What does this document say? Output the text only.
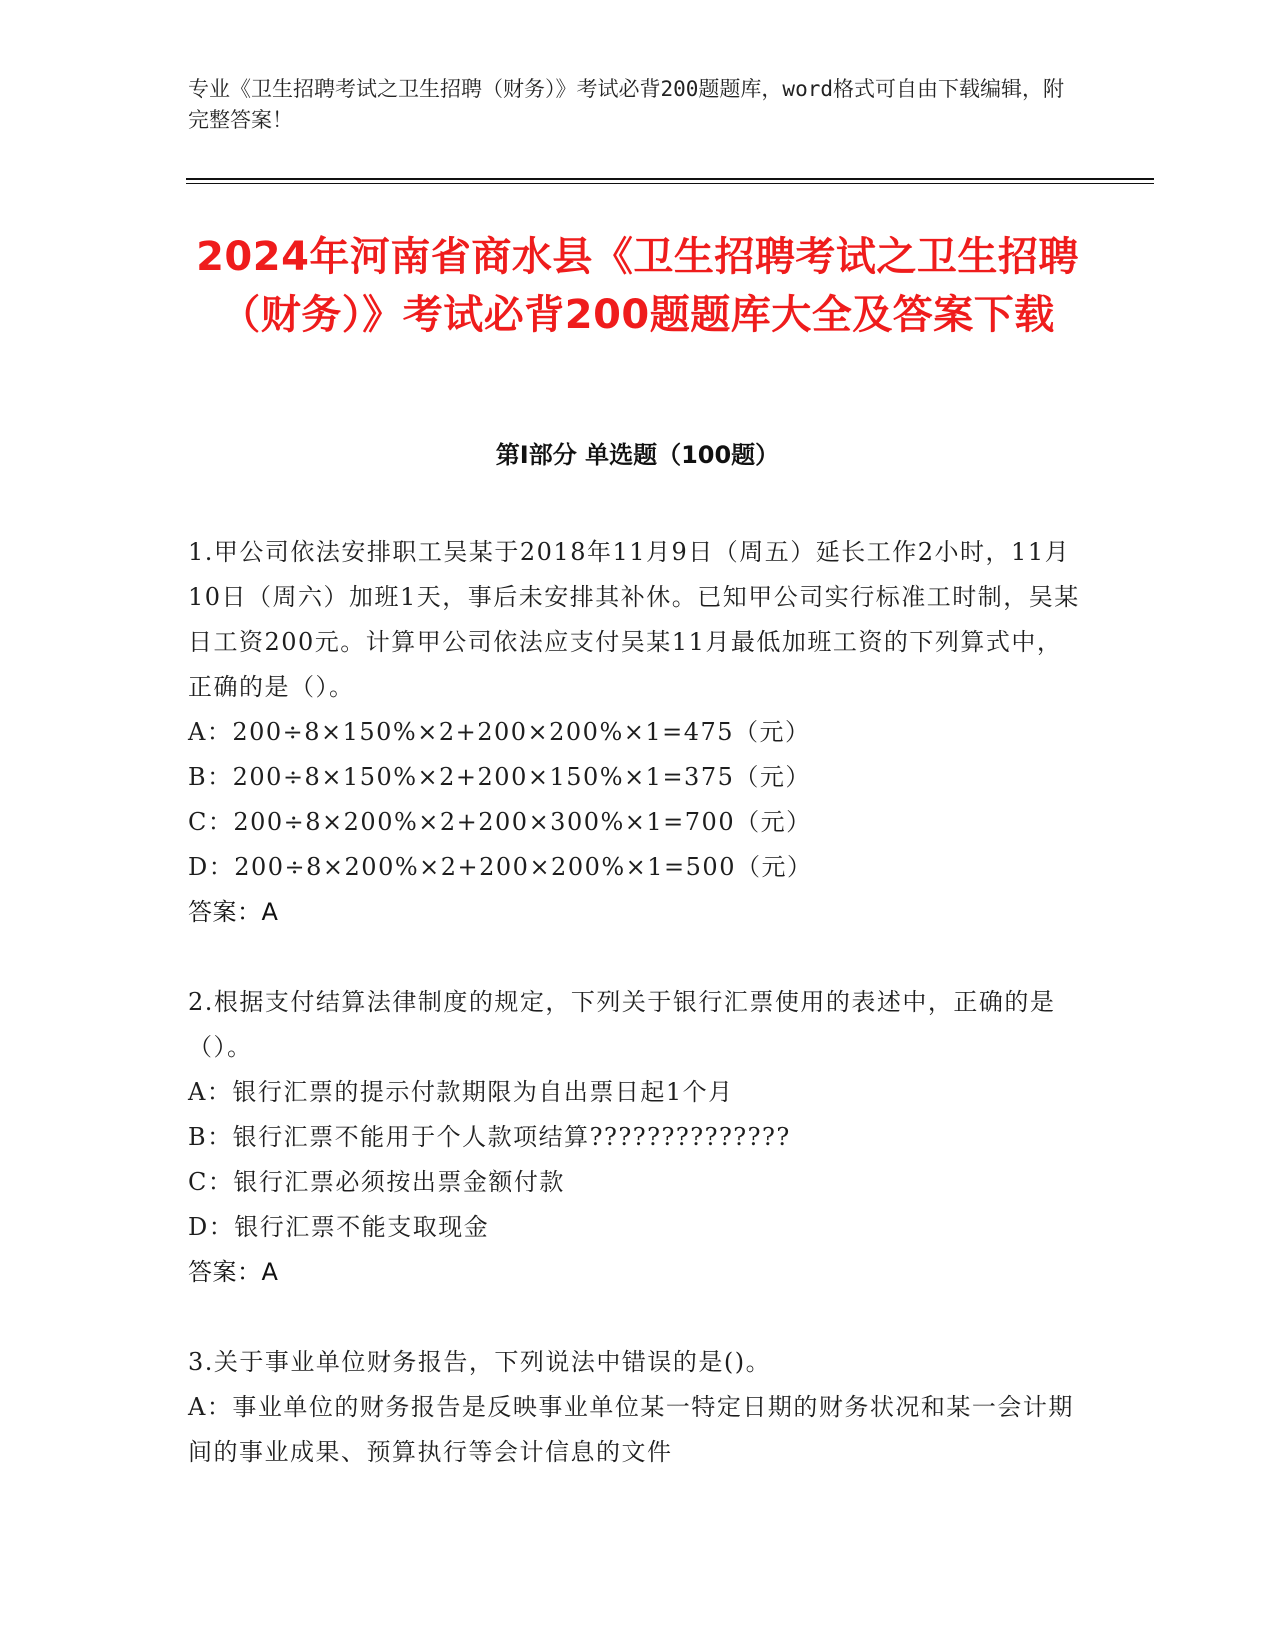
专业《卫生招聘考试之卫生招聘（财务）》考试必背200题题库，word格式可自由下载编辑，附完整答案！
2024年河南省商水县《卫生招聘考试之卫生招聘（财务）》考试必背200题题库大全及答案下载
第Ⅰ部分 单选题（100题）

1.甲公司依法安排职工吴某于2018年11月9日（周五）延长工作2小时，11月10日（周六）加班1天，事后未安排其补休。已知甲公司实行标准工时制，吴某日工资200元。计算甲公司依法应支付吴某11月最低加班工资的下列算式中，正确的是（）。

A：200÷8×150%×2+200×200%×1=475（元）

B：200÷8×150%×2+200×150%×1=375（元）

C：200÷8×200%×2+200×300%×1=700（元）

D：200÷8×200%×2+200×200%×1=500（元）

答案：A

2.根据支付结算法律制度的规定，下列关于银行汇票使用的表述中，正确的是（）。

A：银行汇票的提示付款期限为自出票日起1个月

B：银行汇票不能用于个人款项结算??????????????

C：银行汇票必须按出票金额付款

D：银行汇票不能支取现金

答案：A

3.关于事业单位财务报告，下列说法中错误的是()。

A：事业单位的财务报告是反映事业单位某一特定日期的财务状况和某一会计期间的事业成果、预算执行等会计信息的文件
